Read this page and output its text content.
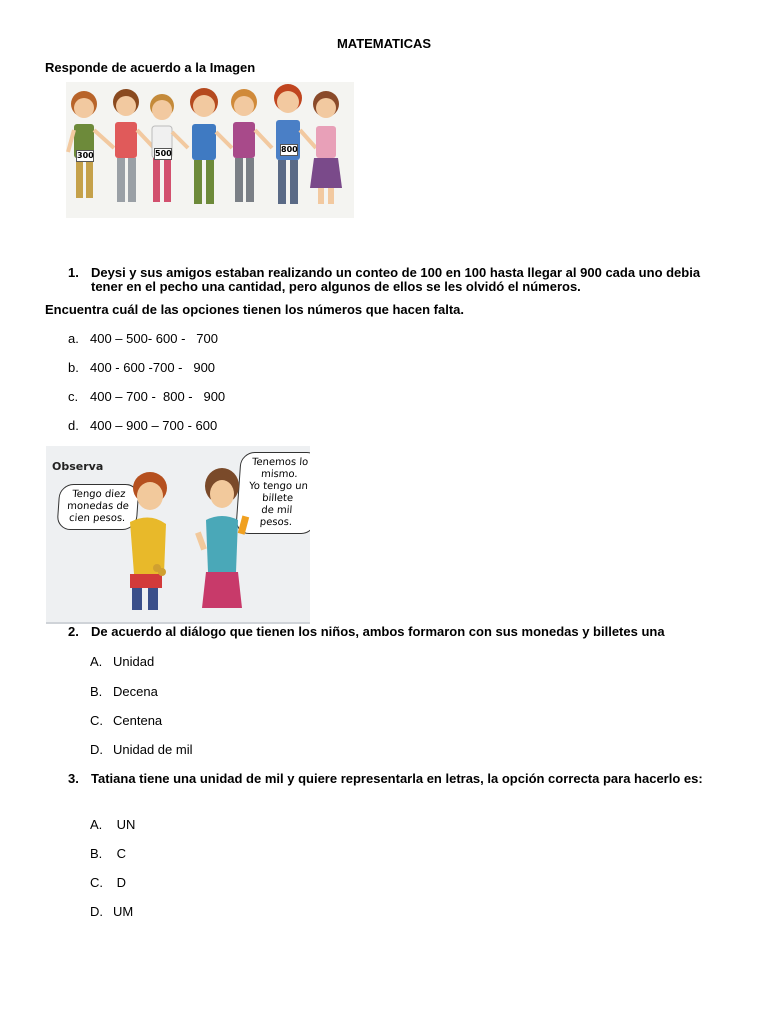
MATEMATICAS
Responde de acuerdo a la Imagen
300	500	800
1. Deysi y sus amigos estaban realizando un conteo de 100 en 100 hasta llegar al 900 cada uno debia tener en el pecho una cantidad, pero algunos de ellos se les olvidó el números.
Encuentra cuál de las opciones tienen los números que hacen falta.
a. 400 – 500- 600 -   700
b. 400 - 600 -700 -   900
c. 400 – 700 -  800 -   900
d. 400 – 900 – 700 - 600
Observa
Tengo diez monedas de cien pesos.
Tenemos lo mismo.
Yo tengo un billete
de mil pesos.
2. De acuerdo al diálogo que tienen los niños, ambos formaron con sus monedas y billetes una
A. Unidad
B. Decena
C. Centena
D. Unidad de mil
3. Tatiana tiene una unidad de mil y quiere representarla en letras, la opción correcta para hacerlo es:
A. UN
B. C
C. D
D. UM
